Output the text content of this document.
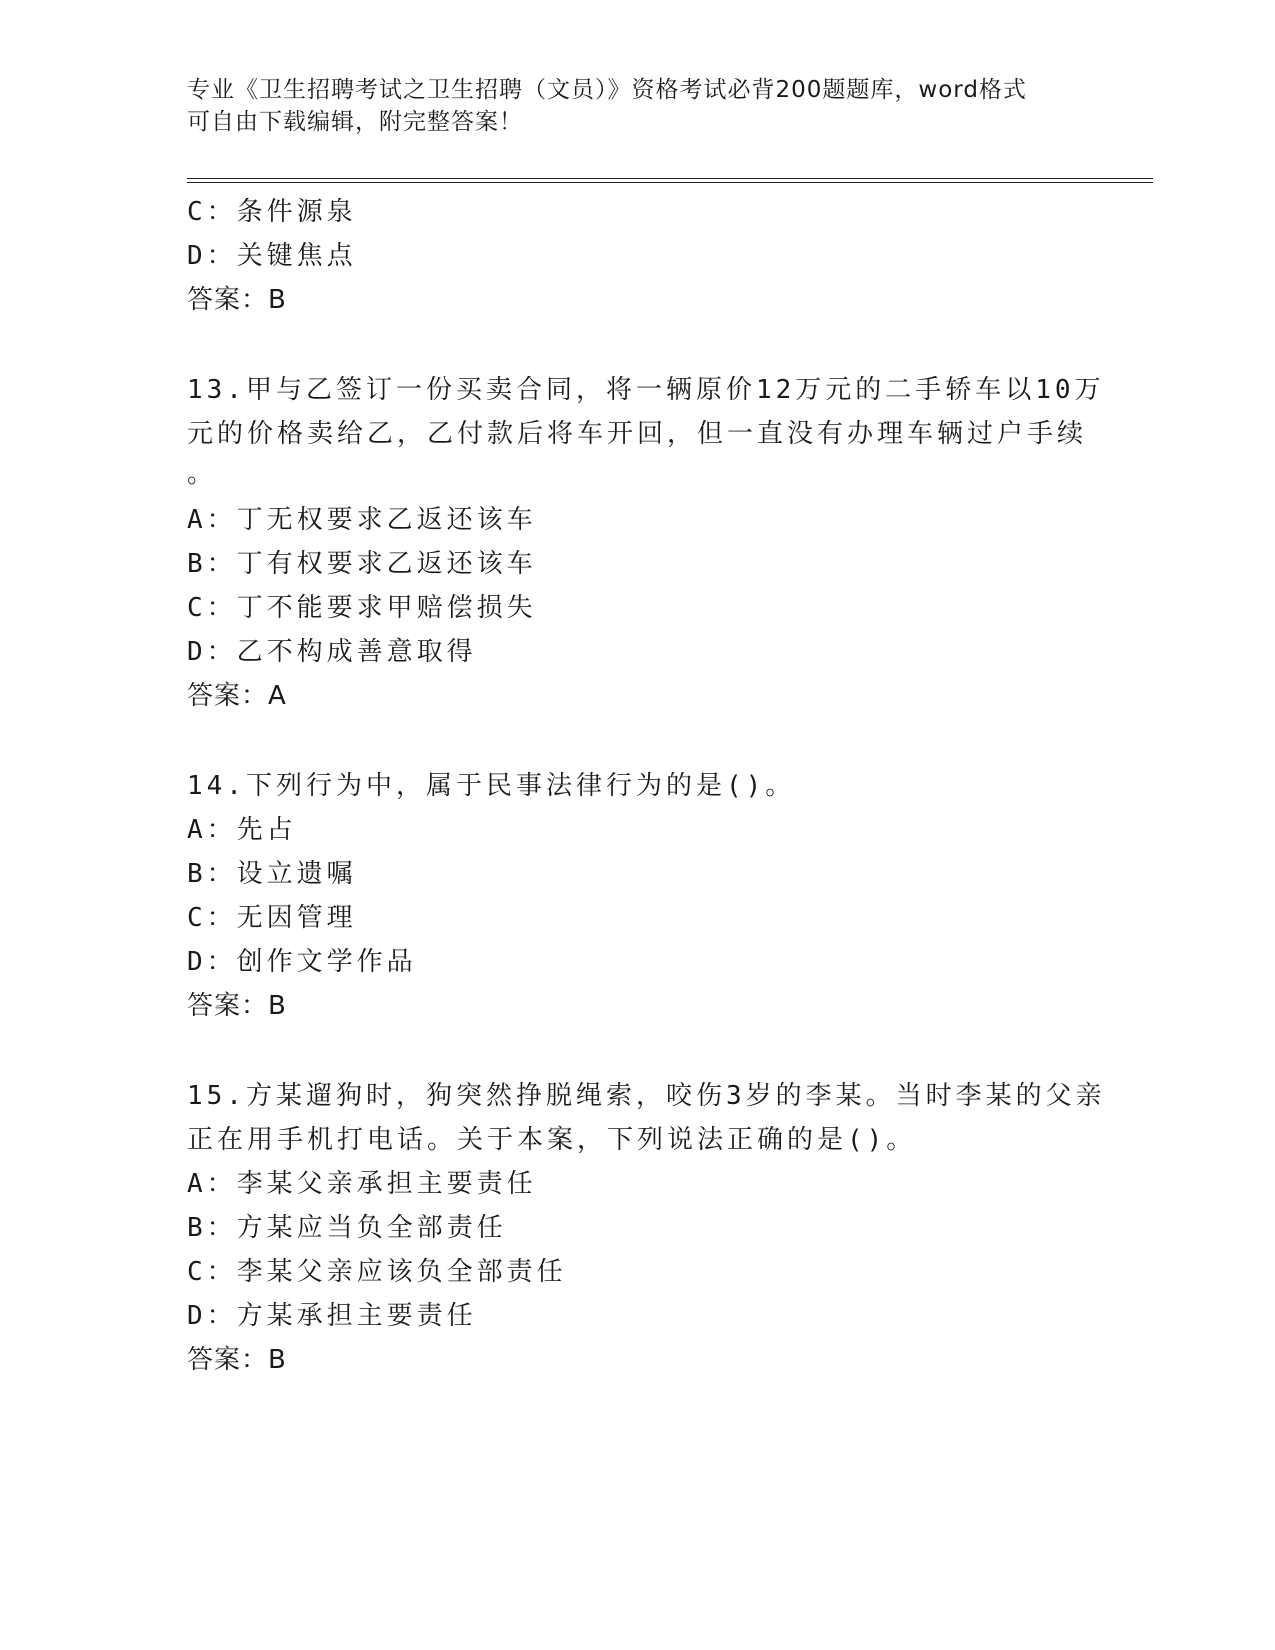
专业《卫生招聘考试之卫生招聘（文员）》资格考试必背200题题库，word格式
可自由下载编辑，附完整答案！
C：条件源泉
D：关键焦点
答案：B
13.甲与乙签订一份买卖合同，将一辆原价12万元的二手轿车以10万
元的价格卖给乙，乙付款后将车开回，但一直没有办理车辆过户手续
。
A：丁无权要求乙返还该车
B：丁有权要求乙返还该车
C：丁不能要求甲赔偿损失
D：乙不构成善意取得
答案：A
14.下列行为中，属于民事法律行为的是()。
A：先占
B：设立遗嘱
C：无因管理
D：创作文学作品
答案：B
15.方某遛狗时，狗突然挣脱绳索，咬伤3岁的李某。当时李某的父亲
正在用手机打电话。关于本案，下列说法正确的是()。
A：李某父亲承担主要责任
B：方某应当负全部责任
C：李某父亲应该负全部责任
D：方某承担主要责任
答案：B
